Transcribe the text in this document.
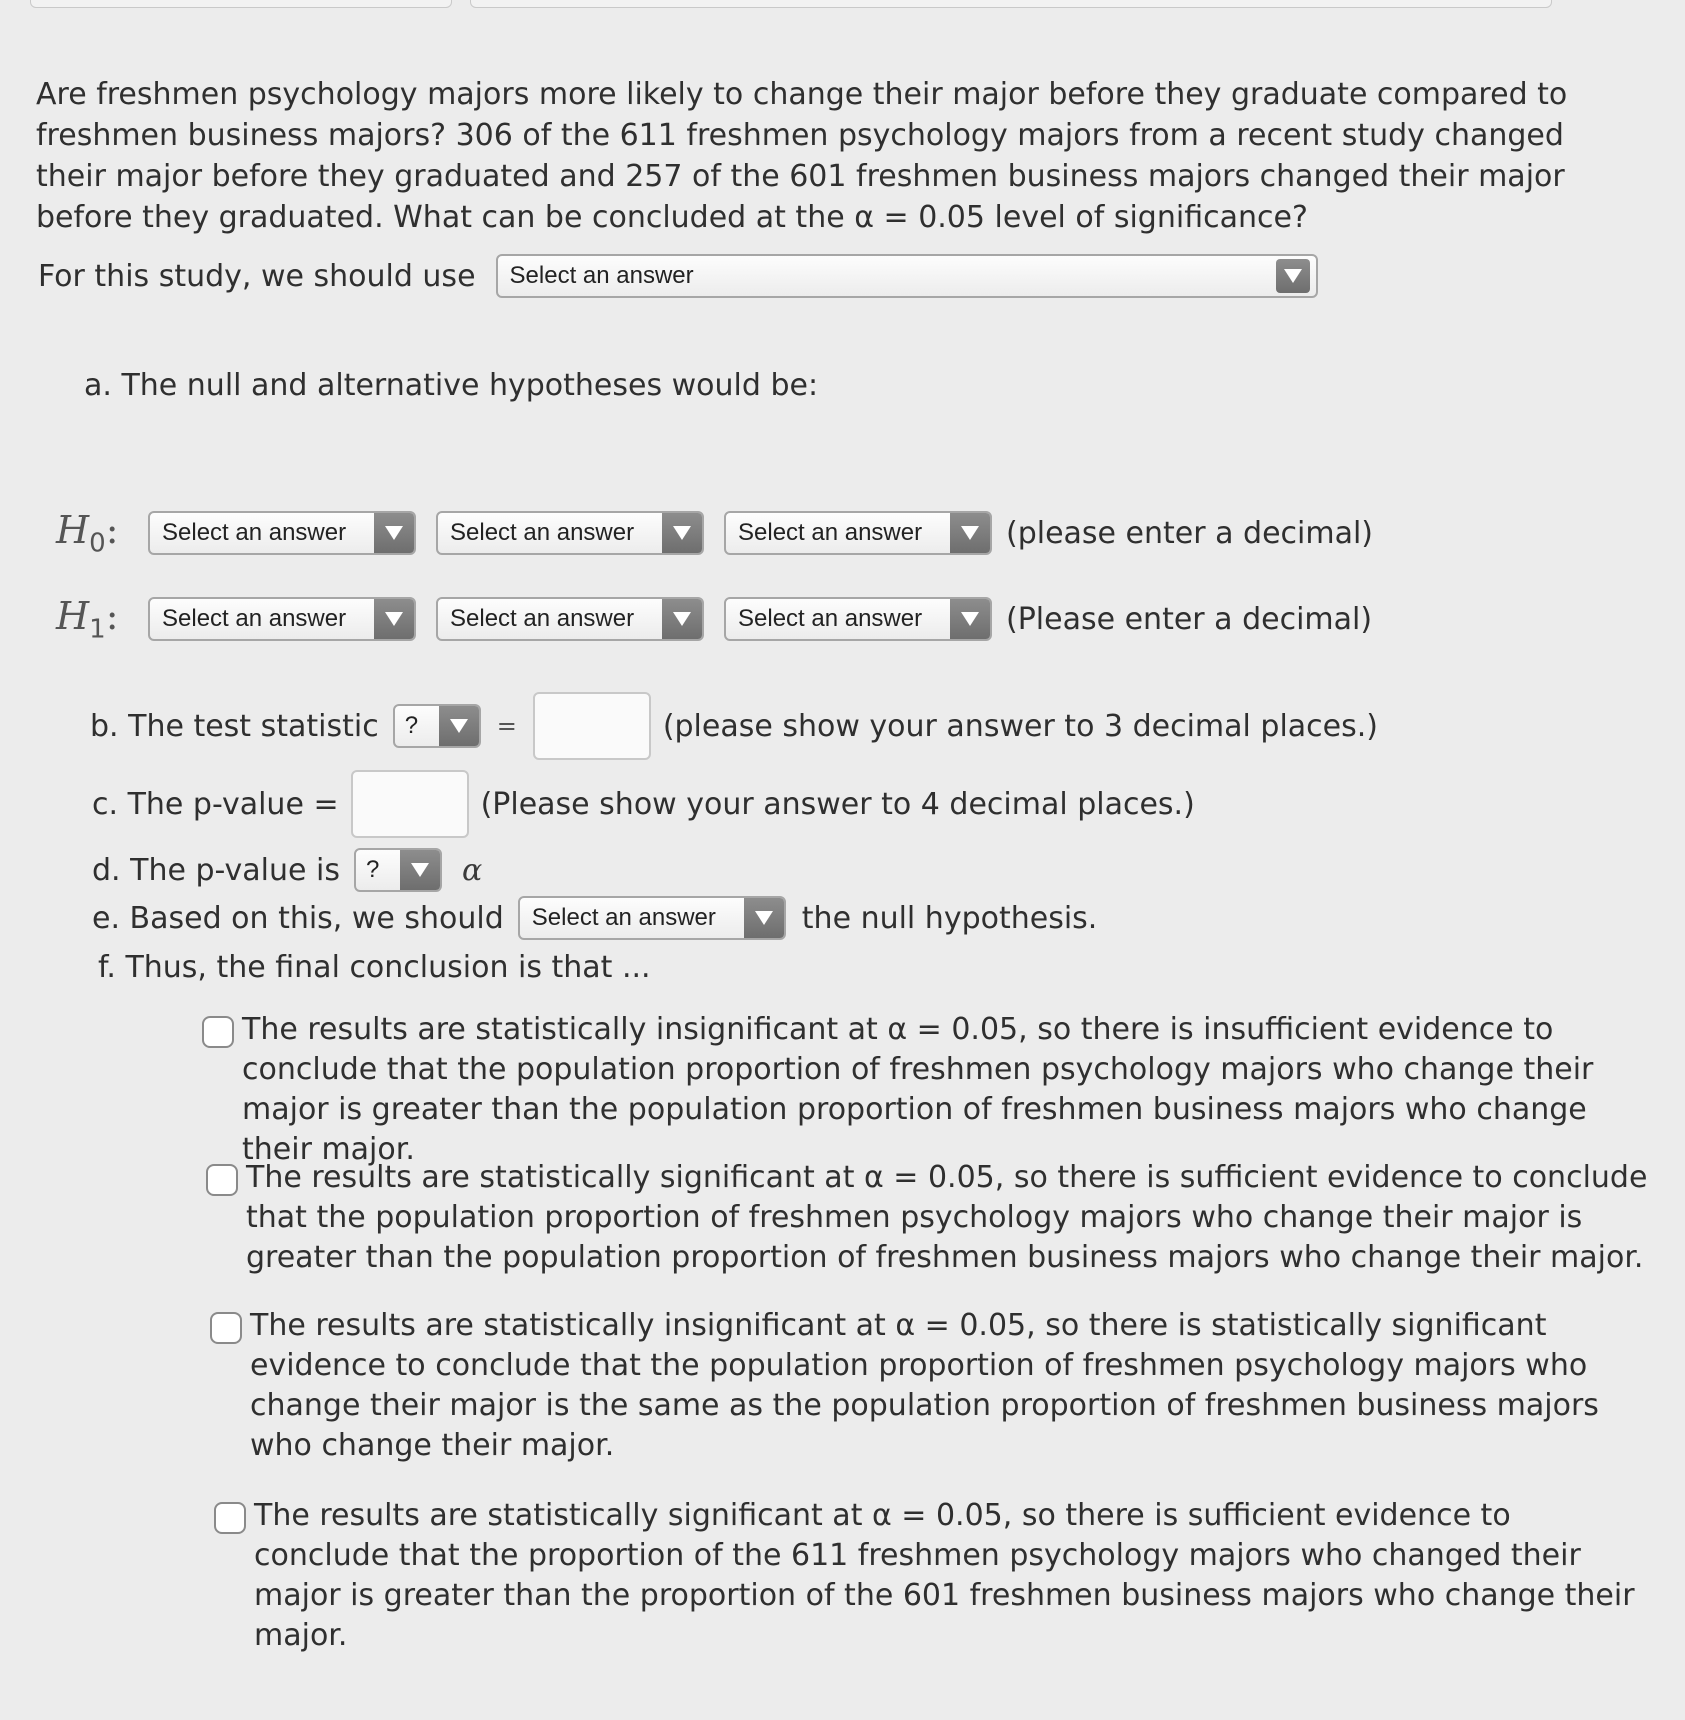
Are freshmen psychology majors more likely to change their major before they graduate compared to freshmen business majors? 306 of the 611 freshmen psychology majors from a recent study changed their major before they graduated and 257 of the 601 freshmen business majors changed their major before they graduated. What can be concluded at the α = 0.05 level of significance?

For this study, we should use Select an answer
a. The null and alternative hypotheses would be:
$H_0$:	Select an answer	Select an answer	Select an answer	(please enter a decimal)
$H_1$:	Select an answer	Select an answer	Select an answer	(Please enter a decimal)
b. The test statistic ?	=	(please show your answer to 3 decimal places.)
c. The p-value =	(Please show your answer to 4 decimal places.)
d. The p-value is ?	α
e. Based on this, we should Select an answer	the null hypothesis.
f. Thus, the final conclusion is that ...

The results are statistically insignificant at α = 0.05, so there is insufficient evidence to conclude that the population proportion of freshmen psychology majors who change their major is greater than the population proportion of freshmen business majors who change their major.

The results are statistically significant at α = 0.05, so there is sufficient evidence to conclude that the population proportion of freshmen psychology majors who change their major is greater than the population proportion of freshmen business majors who change their major.

The results are statistically insignificant at α = 0.05, so there is statistically significant evidence to conclude that the population proportion of freshmen psychology majors who change their major is the same as the population proportion of freshmen business majors who change their major.

The results are statistically significant at α = 0.05, so there is sufficient evidence to conclude that the proportion of the 611 freshmen psychology majors who changed their major is greater than the proportion of the 601 freshmen business majors who change their major.
